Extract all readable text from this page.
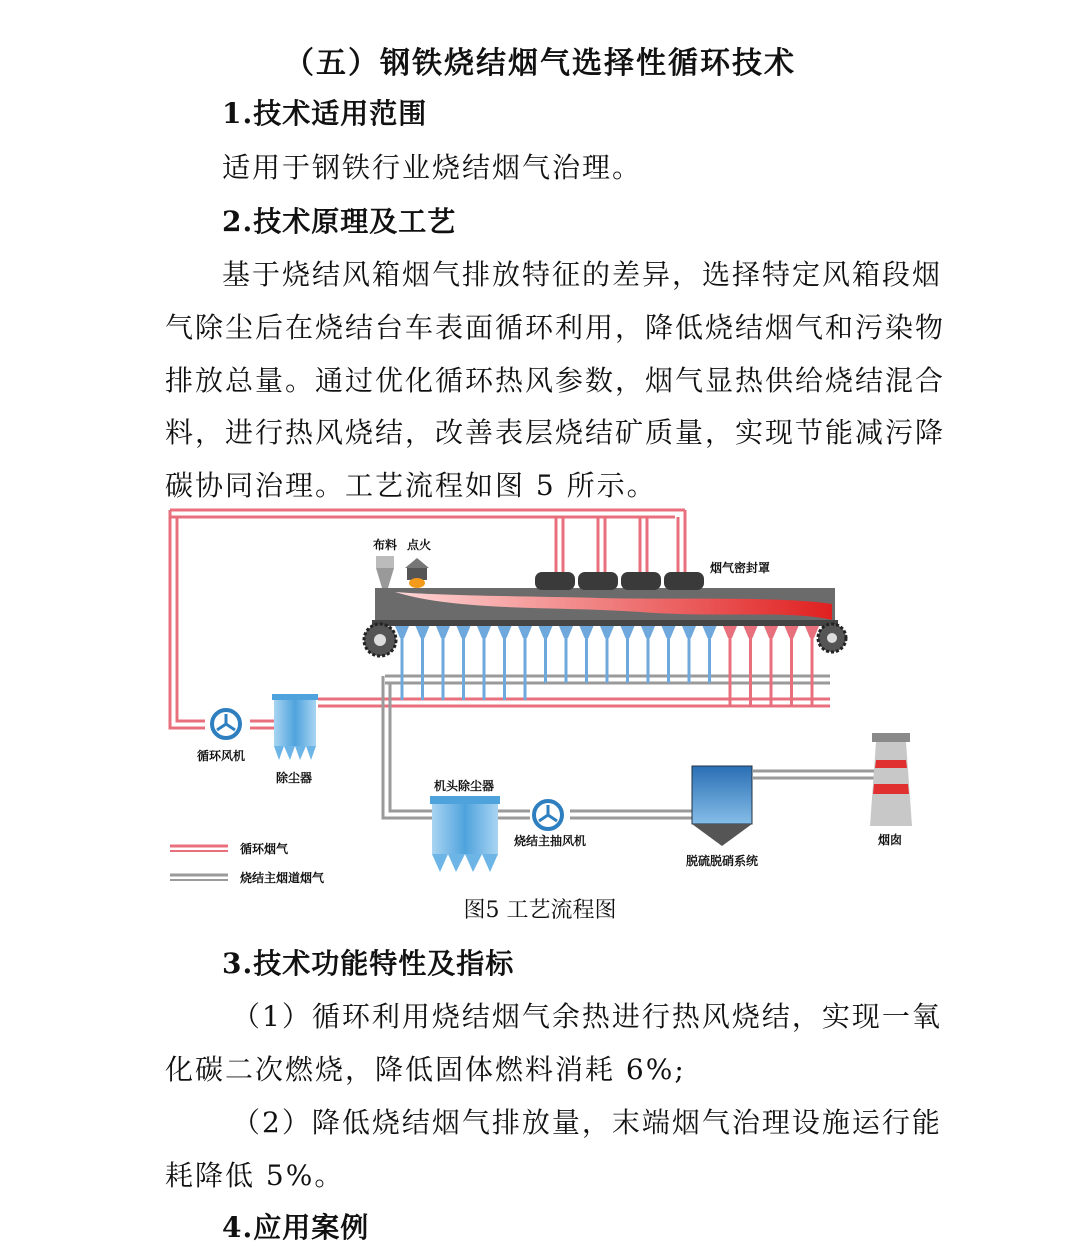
（五）钢铁烧结烟气选择性循环技术
1.技术适用范围
适用于钢铁行业烧结烟气治理。
2.技术原理及工艺
基于烧结风箱烟气排放特征的差异，选择特定风箱段烟
气除尘后在烧结台车表面循环利用，降低烧结烟气和污染物
排放总量。通过优化循环热风参数，烟气显热供给烧结混合
料，进行热风烧结，改善表层烧结矿质量，实现节能减污降
碳协同治理。工艺流程如图 5 所示。
循环烟气
烧结主烟道烟气
布料 点火
烟气密封罩
循环风机
除尘器
机头除尘器
烧结主抽风机
脱硫脱硝系统
烟囱
图5 工艺流程图
3.技术功能特性及指标
（1）循环利用烧结烟气余热进行热风烧结，实现一氧
化碳二次燃烧，降低固体燃料消耗 6%;
（2）降低烧结烟气排放量，末端烟气治理设施运行能
耗降低 5%。
4.应用案例
